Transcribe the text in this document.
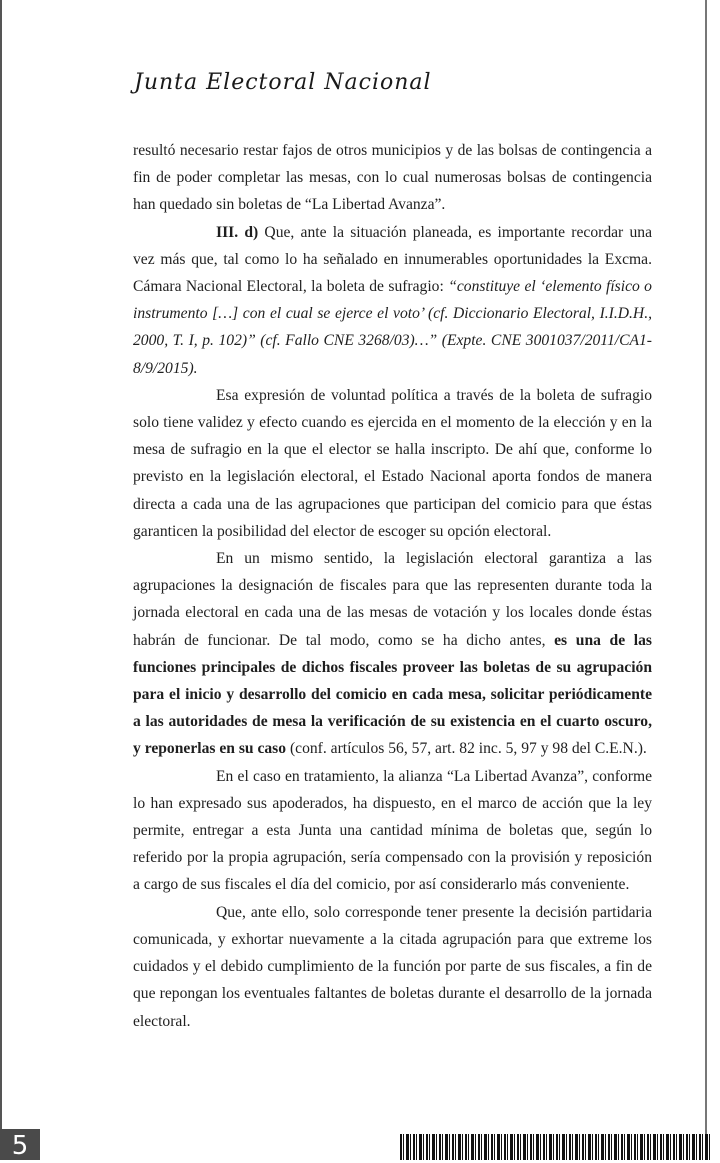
Junta Electoral Nacional

resultó necesario restar fajos de otros municipios y de las bolsas de contingencia a fin de poder completar las mesas, con lo cual numerosas bolsas de contingencia han quedado sin boletas de “La Libertad Avanza”.

III. d) Que, ante la situación planeada, es importante recordar una vez más que, tal como lo ha señalado en innumerables oportunidades la Excma. Cámara Nacional Electoral, la boleta de sufragio: “constituye el ‘elemento físico o instrumento […] con el cual se ejerce el voto’ (cf. Diccionario Electoral, I.I.D.H., 2000, T. I, p. 102)” (cf. Fallo CNE 3268/03)…” (Expte. CNE 3001037/2011/CA1- 8/9/2015).

Esa expresión de voluntad política a través de la boleta de sufragio solo tiene validez y efecto cuando es ejercida en el momento de la elección y en la mesa de sufragio en la que el elector se halla inscripto. De ahí que, conforme lo previsto en la legislación electoral, el Estado Nacional aporta fondos de manera directa a cada una de las agrupaciones que participan del comicio para que éstas garanticen la posibilidad del elector de escoger su opción electoral.

En un mismo sentido, la legislación electoral garantiza a las agrupaciones la designación de fiscales para que las representen durante toda la jornada electoral en cada una de las mesas de votación y los locales donde éstas habrán de funcionar. De tal modo, como se ha dicho antes, es una de las funciones principales de dichos fiscales proveer las boletas de su agrupación para el inicio y desarrollo del comicio en cada mesa, solicitar periódicamente a las autoridades de mesa la verificación de su existencia en el cuarto oscuro, y reponerlas en su caso (conf. artículos 56, 57, art. 82 inc. 5, 97 y 98 del C.E.N.).

En el caso en tratamiento, la alianza “La Libertad Avanza”, conforme lo han expresado sus apoderados, ha dispuesto, en el marco de acción que la ley permite, entregar a esta Junta una cantidad mínima de boletas que, según lo referido por la propia agrupación, sería compensado con la provisión y reposición a cargo de sus fiscales el día del comicio, por así considerarlo más conveniente.

Que, ante ello, solo corresponde tener presente la decisión partidaria comunicada, y exhortar nuevamente a la citada agrupación para que extreme los cuidados y el debido cumplimiento de la función por parte de sus fiscales, a fin de que repongan los eventuales faltantes de boletas durante el desarrollo de la jornada electoral.

5
